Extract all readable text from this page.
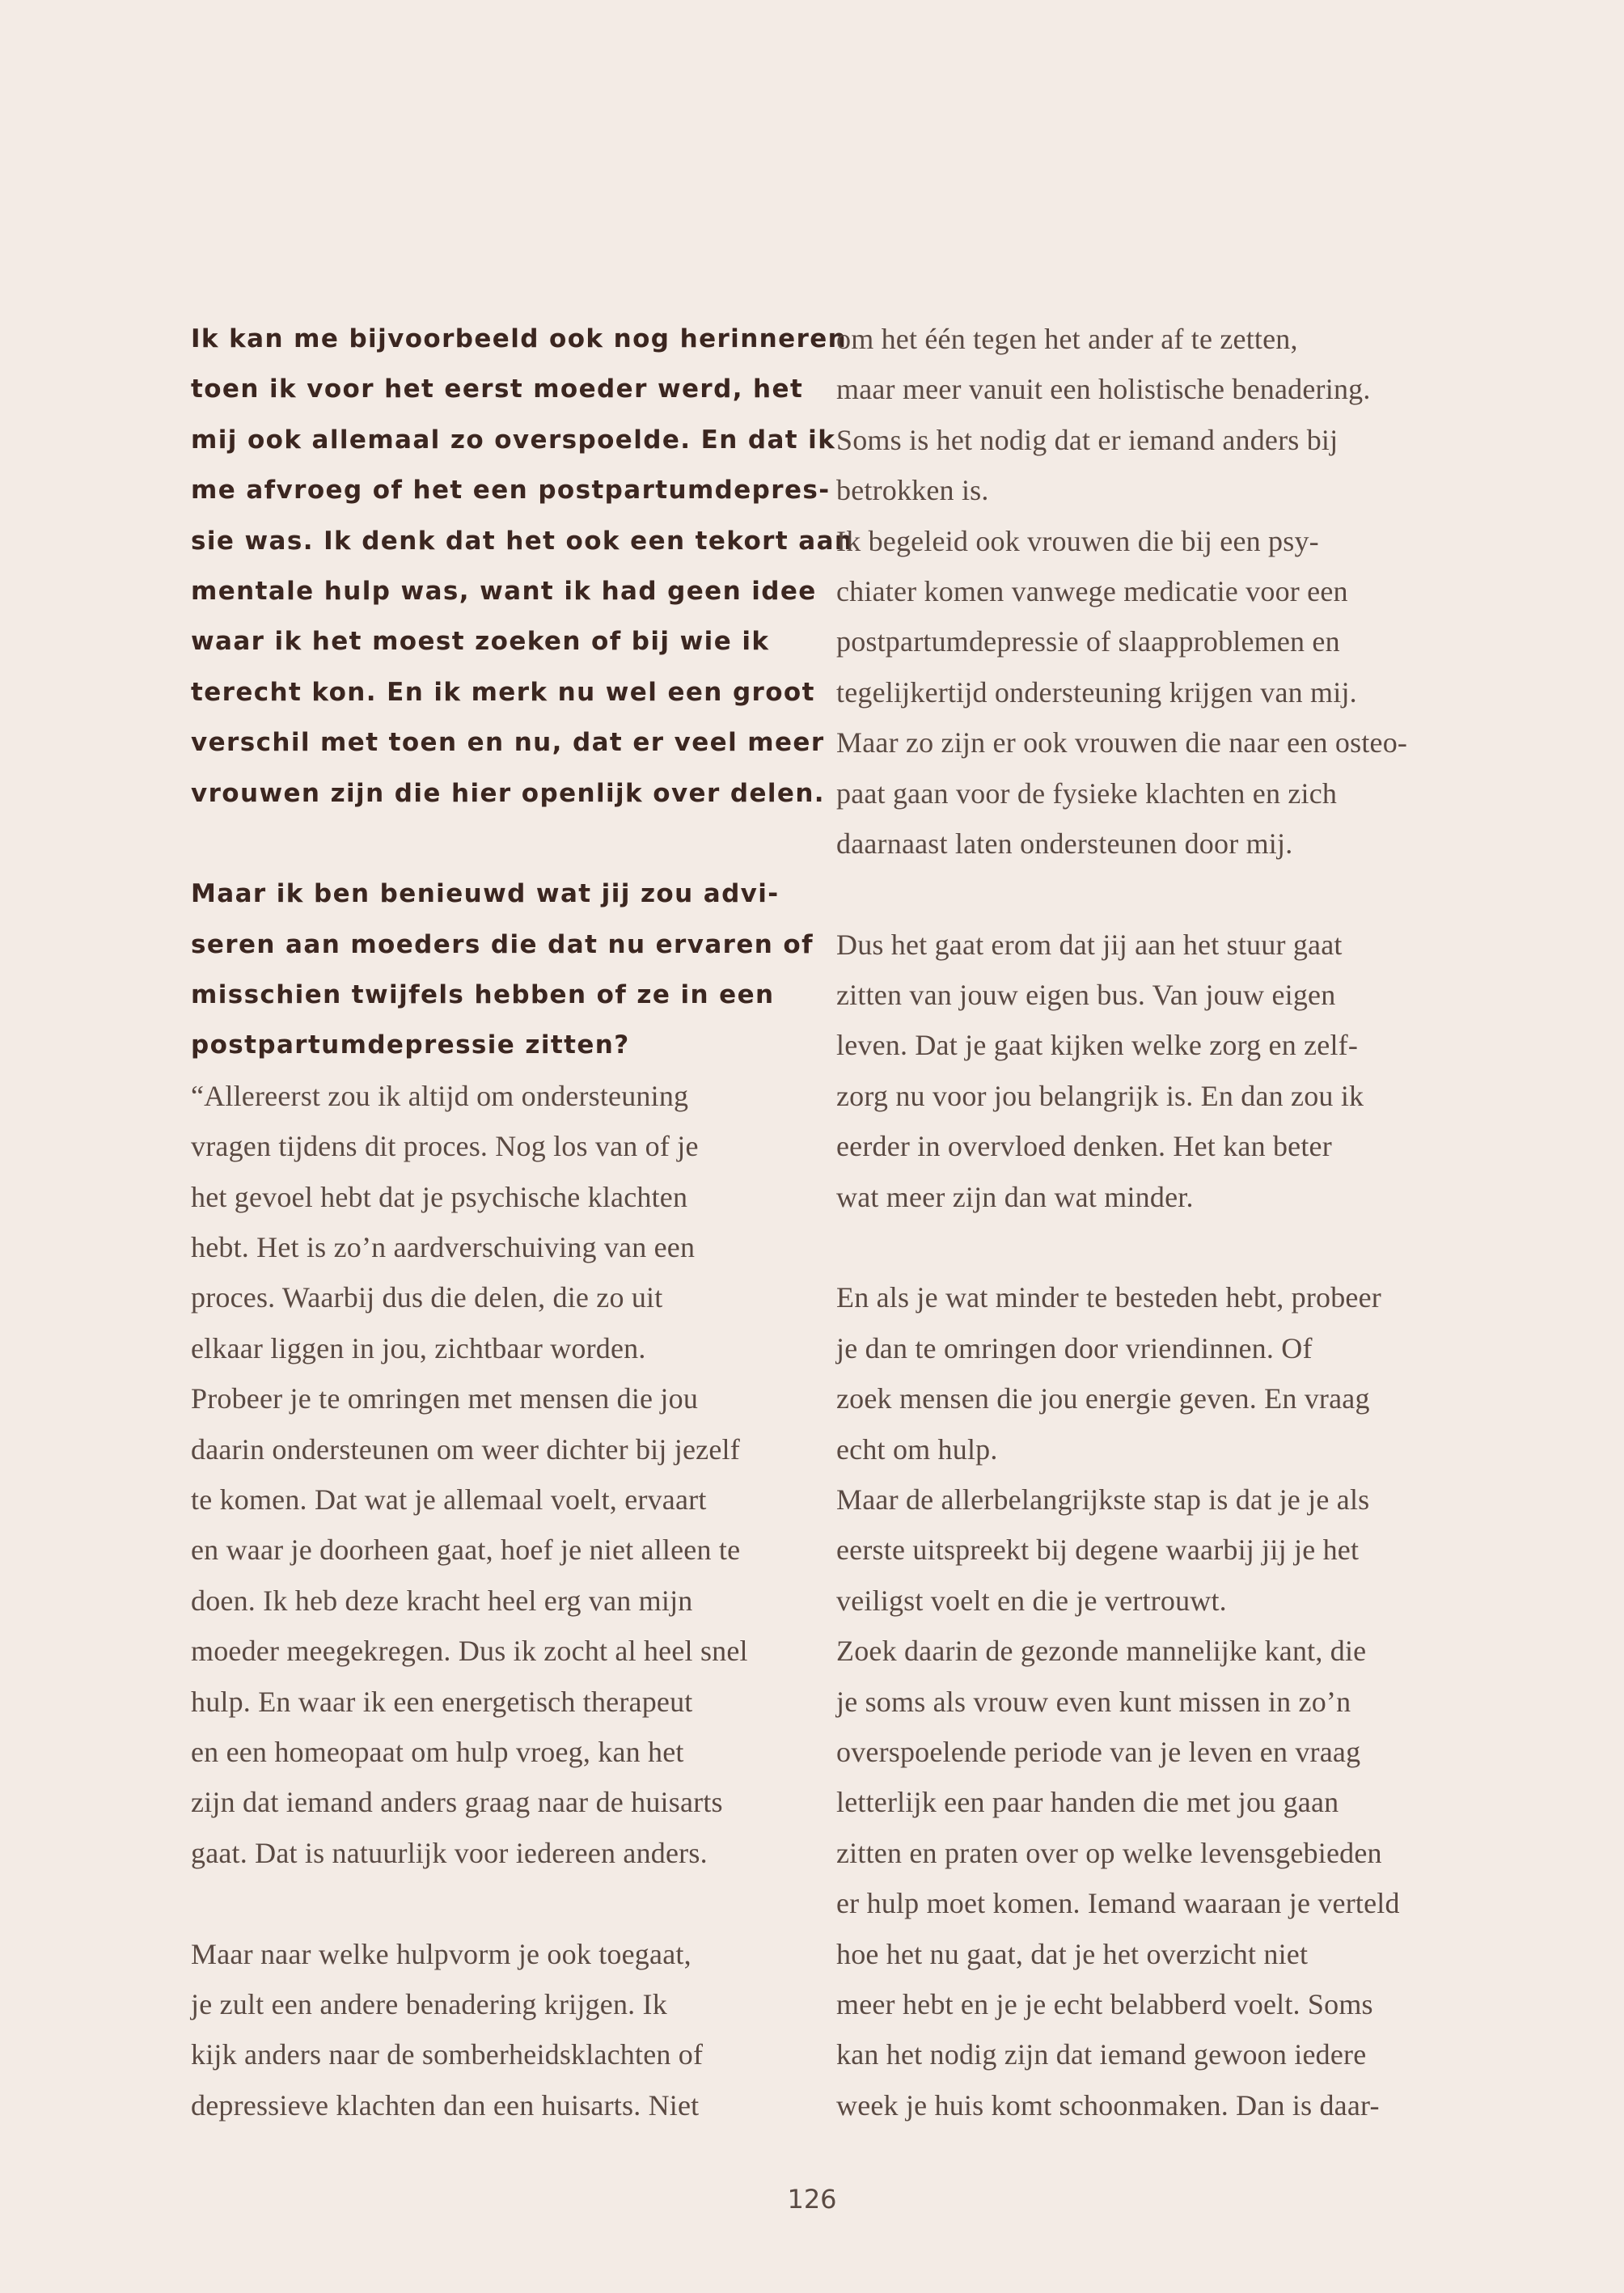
Ik kan me bijvoorbeeld ook nog herinneren
toen ik voor het eerst moeder werd, het
mij ook allemaal zo overspoelde. En dat ik
me afvroeg of het een postpartumdepres-
sie was. Ik denk dat het ook een tekort aan
mentale hulp was, want ik had geen idee
waar ik het moest zoeken of bij wie ik
terecht kon. En ik merk nu wel een groot
verschil met toen en nu, dat er veel meer
vrouwen zijn die hier openlijk over delen.
Maar ik ben benieuwd wat jij zou advi-
seren aan moeders die dat nu ervaren of
misschien twijfels hebben of ze in een
postpartumdepressie zitten?
“Allereerst zou ik altijd om ondersteuning
vragen tijdens dit proces. Nog los van of je
het gevoel hebt dat je psychische klachten
hebt. Het is zo’n aardverschuiving van een
proces. Waarbij dus die delen, die zo uit
elkaar liggen in jou, zichtbaar worden.
Probeer je te omringen met mensen die jou
daarin ondersteunen om weer dichter bij jezelf
te komen. Dat wat je allemaal voelt, ervaart
en waar je doorheen gaat, hoef je niet alleen te
doen. Ik heb deze kracht heel erg van mijn
moeder meegekregen. Dus ik zocht al heel snel
hulp. En waar ik een energetisch therapeut
en een homeopaat om hulp vroeg, kan het
zijn dat iemand anders graag naar de huisarts
gaat. Dat is natuurlijk voor iedereen anders.
Maar naar welke hulpvorm je ook toegaat,
je zult een andere benadering krijgen. Ik
kijk anders naar de somberheidsklachten of
depressieve klachten dan een huisarts. Niet
om het één tegen het ander af te zetten,
maar meer vanuit een holistische benadering.
Soms is het nodig dat er iemand anders bij
betrokken is.
Ik begeleid ook vrouwen die bij een psy-
chiater komen vanwege medicatie voor een
postpartumdepressie of slaapproblemen en
tegelijkertijd ondersteuning krijgen van mij.
Maar zo zijn er ook vrouwen die naar een osteo-
paat gaan voor de fysieke klachten en zich
daarnaast laten ondersteunen door mij.
Dus het gaat erom dat jij aan het stuur gaat
zitten van jouw eigen bus. Van jouw eigen
leven. Dat je gaat kijken welke zorg en zelf-
zorg nu voor jou belangrijk is. En dan zou ik
eerder in overvloed denken. Het kan beter
wat meer zijn dan wat minder.
En als je wat minder te besteden hebt, probeer
je dan te omringen door vriendinnen. Of
zoek mensen die jou energie geven. En vraag
echt om hulp.
Maar de allerbelangrijkste stap is dat je je als
eerste uitspreekt bij degene waarbij jij je het
veiligst voelt en die je vertrouwt.
Zoek daarin de gezonde mannelijke kant, die
je soms als vrouw even kunt missen in zo’n
overspoelende periode van je leven en vraag
letterlijk een paar handen die met jou gaan
zitten en praten over op welke levensgebieden
er hulp moet komen. Iemand waaraan je verteld
hoe het nu gaat, dat je het overzicht niet
meer hebt en je je echt belabberd voelt. Soms
kan het nodig zijn dat iemand gewoon iedere
week je huis komt schoonmaken. Dan is daar-
126
